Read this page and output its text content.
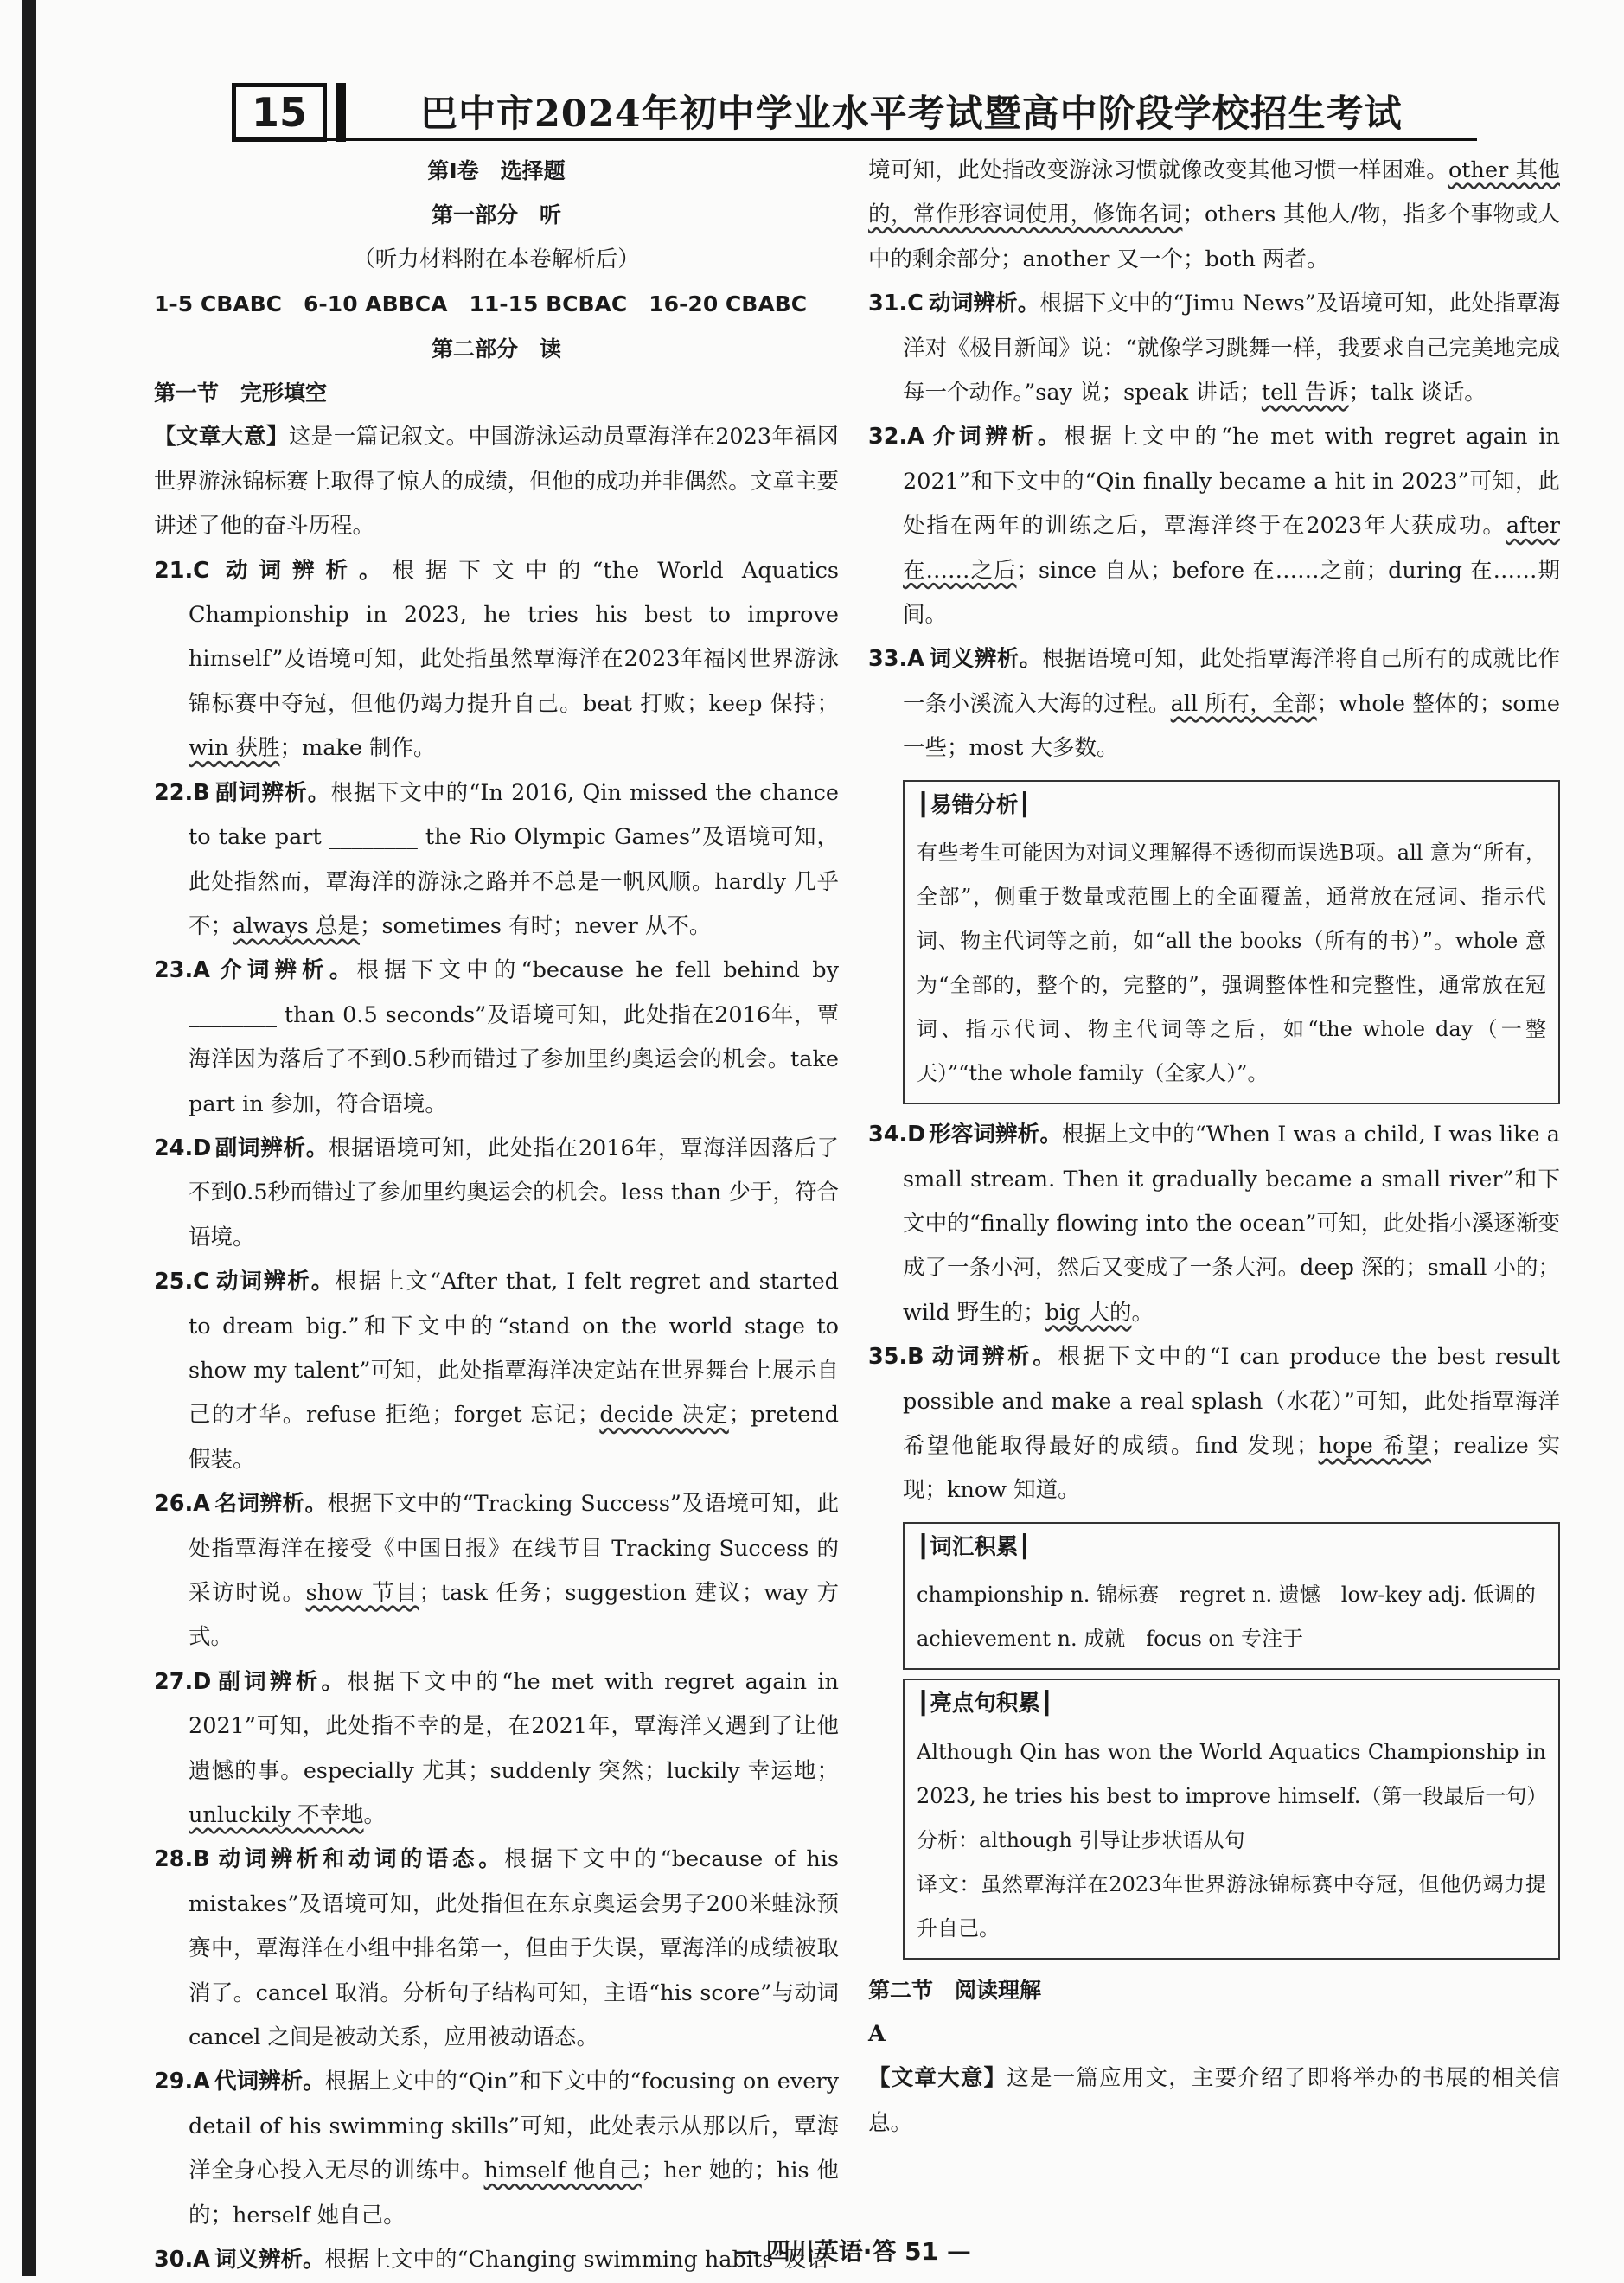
15	巴中市2024年初中学业水平考试暨高中阶段学校招生考试

第Ⅰ卷　选择题

第一部分　听

（听力材料附在本卷解析后）

1-5 CBABC　6-10 ABBCA　11-15 BCBAC　16-20 CBABC

第二部分　读

第一节　完形填空

【文章大意】这是一篇记叙文。中国游泳运动员覃海洋在2023年福冈世界游泳锦标赛上取得了惊人的成绩，但他的成功并非偶然。文章主要讲述了他的奋斗历程。

21.C 动词辨析。根据下文中的“the World Aquatics Championship in 2023, he tries his best to improve himself”及语境可知，此处指虽然覃海洋在2023年福冈世界游泳锦标赛中夺冠，但他仍竭力提升自己。beat 打败；keep 保持；win 获胜；make 制作。

22.B 副词辨析。根据下文中的“In 2016, Qin missed the chance to take part ________ the Rio Olympic Games”及语境可知，此处指然而，覃海洋的游泳之路并不总是一帆风顺。hardly 几乎不；always 总是；sometimes 有时；never 从不。

23.A 介词辨析。根据下文中的“because he fell behind by ________ than 0.5 seconds”及语境可知，此处指在2016年，覃海洋因为落后了不到0.5秒而错过了参加里约奥运会的机会。take part in 参加，符合语境。

24.D 副词辨析。根据语境可知，此处指在2016年，覃海洋因落后了不到0.5秒而错过了参加里约奥运会的机会。less than 少于，符合语境。

25.C 动词辨析。根据上文“After that, I felt regret and started to dream big.”和下文中的“stand on the world stage to show my talent”可知，此处指覃海洋决定站在世界舞台上展示自己的才华。refuse 拒绝；forget 忘记；decide 决定；pretend 假装。

26.A 名词辨析。根据下文中的“Tracking Success”及语境可知，此处指覃海洋在接受《中国日报》在线节目 Tracking Success 的采访时说。show 节目；task 任务；suggestion 建议；way 方式。

27.D 副词辨析。根据下文中的“he met with regret again in 2021”可知，此处指不幸的是，在2021年，覃海洋又遇到了让他遗憾的事。especially 尤其；suddenly 突然；luckily 幸运地；unluckily 不幸地。

28.B 动词辨析和动词的语态。根据下文中的“because of his mistakes”及语境可知，此处指但在东京奥运会男子200米蛙泳预赛中，覃海洋在小组中排名第一，但由于失误，覃海洋的成绩被取消了。cancel 取消。分析句子结构可知，主语“his score”与动词 cancel 之间是被动关系，应用被动语态。

29.A 代词辨析。根据上文中的“Qin”和下文中的“focusing on every detail of his swimming skills”可知，此处表示从那以后，覃海洋全身心投入无尽的训练中。himself 他自己；her 她的；his 他的；herself 她自己。

30.A 词义辨析。根据上文中的“Changing swimming habits”及语

境可知，此处指改变游泳习惯就像改变其他习惯一样困难。other 其他的，常作形容词使用，修饰名词；others 其他人/物，指多个事物或人中的剩余部分；another 又一个；both 两者。

31.C 动词辨析。根据下文中的“Jimu News”及语境可知，此处指覃海洋对《极目新闻》说：“就像学习跳舞一样，我要求自己完美地完成每一个动作。”say 说；speak 讲话；tell 告诉；talk 谈话。

32.A 介词辨析。根据上文中的“he met with regret again in 2021”和下文中的“Qin finally became a hit in 2023”可知，此处指在两年的训练之后，覃海洋终于在2023年大获成功。after 在……之后；since 自从；before 在……之前；during 在……期间。

33.A 词义辨析。根据语境可知，此处指覃海洋将自己所有的成就比作一条小溪流入大海的过程。all 所有，全部；whole 整体的；some 一些；most 大多数。

┃易错分析┃

有些考生可能因为对词义理解得不透彻而误选B项。all 意为“所有，全部”，侧重于数量或范围上的全面覆盖，通常放在冠词、指示代词、物主代词等之前，如“all the books（所有的书）”。whole 意为“全部的，整个的，完整的”，强调整体性和完整性，通常放在冠词、指示代词、物主代词等之后，如“the whole day（一整天）”“the whole family（全家人）”。

34.D 形容词辨析。根据上文中的“When I was a child, I was like a small stream. Then it gradually became a small river”和下文中的“finally flowing into the ocean”可知，此处指小溪逐渐变成了一条小河，然后又变成了一条大河。deep 深的；small 小的；wild 野生的；big 大的。

35.B 动词辨析。根据下文中的“I can produce the best result possible and make a real splash（水花）”可知，此处指覃海洋希望他能取得最好的成绩。find 发现；hope 希望；realize 实现；know 知道。

┃词汇积累┃

championship n. 锦标赛　regret n. 遗憾　low-key adj. 低调的

achievement n. 成就　focus on 专注于

┃亮点句积累┃

Although Qin has won the World Aquatics Championship in 2023, he tries his best to improve himself.（第一段最后一句）

分析：although 引导让步状语从句

译文：虽然覃海洋在2023年世界游泳锦标赛中夺冠，但他仍竭力提升自己。

第二节　阅读理解

A

【文章大意】这是一篇应用文，主要介绍了即将举办的书展的相关信息。

— 四川英语·答 51 —
